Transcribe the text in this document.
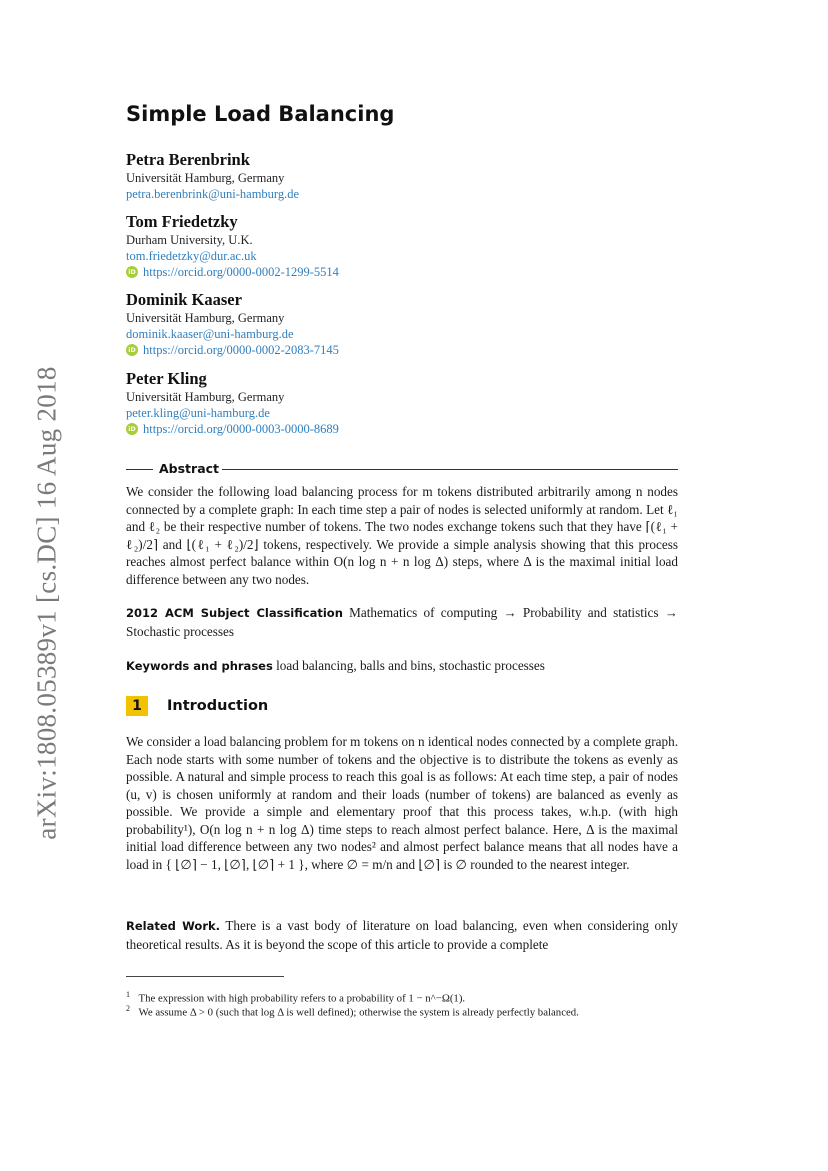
arXiv:1808.05389v1 [cs.DC] 16 Aug 2018
Simple Load Balancing
Petra Berenbrink
Universität Hamburg, Germany
petra.berenbrink@uni-hamburg.de
Tom Friedetzky
Durham University, U.K.
tom.friedetzky@dur.ac.uk
iD https://orcid.org/0000-0002-1299-5514
Dominik Kaaser
Universität Hamburg, Germany
dominik.kaaser@uni-hamburg.de
iD https://orcid.org/0000-0002-2083-7145
Peter Kling
Universität Hamburg, Germany
peter.kling@uni-hamburg.de
iD https://orcid.org/0000-0003-0000-8689
Abstract
We consider the following load balancing process for m tokens distributed arbitrarily among n nodes connected by a complete graph: In each time step a pair of nodes is selected uniformly at random. Let ℓ₁ and ℓ₂ be their respective number of tokens. The two nodes exchange tokens such that they have ⌈(ℓ₁ + ℓ₂)/2⌉ and ⌊(ℓ₁ + ℓ₂)/2⌋ tokens, respectively. We provide a simple analysis showing that this process reaches almost perfect balance within O(n log n + n log Δ) steps, where Δ is the maximal initial load difference between any two nodes.
2012 ACM Subject Classification Mathematics of computing → Probability and statistics → Stochastic processes
Keywords and phrases load balancing, balls and bins, stochastic processes
1	Introduction
We consider a load balancing problem for m tokens on n identical nodes connected by a complete graph. Each node starts with some number of tokens and the objective is to distribute the tokens as evenly as possible. A natural and simple process to reach this goal is as follows: At each time step, a pair of nodes (u, v) is chosen uniformly at random and their loads (number of tokens) are balanced as evenly as possible. We provide a simple and elementary proof that this process takes, w.h.p. (with high probability¹), O(n log n + n log Δ) time steps to reach almost perfect balance. Here, Δ is the maximal initial load difference between any two nodes² and almost perfect balance means that all nodes have a load in { ⌊∅⌉ − 1, ⌊∅⌉, ⌊∅⌉ + 1 }, where ∅ = m/n and ⌊∅⌉ is ∅ rounded to the nearest integer.
Related Work. There is a vast body of literature on load balancing, even when considering only theoretical results. As it is beyond the scope of this article to provide a complete
$^1$ The expression with high probability refers to a probability of 1 − n^−Ω(1).
$^2$ We assume Δ > 0 (such that log Δ is well defined); otherwise the system is already perfectly balanced.
